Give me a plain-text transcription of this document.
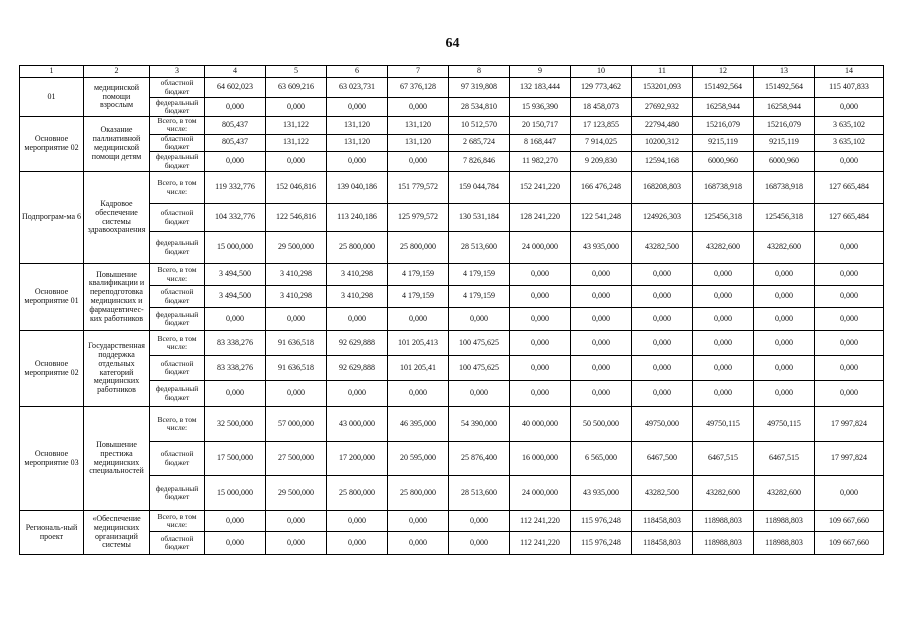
64
1	2	3	4	5	6	7	8	9	10	11	12	13	14

01	медицинской помощи взрослым	областной бюджет	64 602,023	63 609,216	63 023,731	67 376,128	97 319,808	132 183,444	129 773,462	153201,093	151492,564	151492,564	115 407,833
		федеральный бюджет	0,000	0,000	0,000	0,000	28 534,810	15 936,390	18 458,073	27692,932	16258,944	16258,944	0,000

Основное мероприятие 02	Оказание паллиативной медицинской помощи детям	Всего, в том числе:	805,437	131,122	131,120	131,120	10 512,570	20 150,717	17 123,855	22794,480	15216,079	15216,079	3 635,102
		областной бюджет	805,437	131,122	131,120	131,120	2 685,724	8 168,447	7 914,025	10200,312	9215,119	9215,119	3 635,102
		федеральный бюджет	0,000	0,000	0,000	0,000	7 826,846	11 982,270	9 209,830	12594,168	6000,960	6000,960	0,000

Подпрограм-ма 6	Кадровое обеспечение системы здравоохранения	Всего, в том числе:	119 332,776	152 046,816	139 040,186	151 779,572	159 044,784	152 241,220	166 476,248	168208,803	168738,918	168738,918	127 665,484
		областной бюджет	104 332,776	122 546,816	113 240,186	125 979,572	130 531,184	128 241,220	122 541,248	124926,303	125456,318	125456,318	127 665,484
		федеральный бюджет	15 000,000	29 500,000	25 800,000	25 800,000	28 513,600	24 000,000	43 935,000	43282,500	43282,600	43282,600	0,000

Основное мероприятие 01	Повышение квалификации и переподготовка медицинских и фармацевтичес-ких работников	Всего, в том числе:	3 494,500	3 410,298	3 410,298	4 179,159	4 179,159	0,000	0,000	0,000	0,000	0,000	0,000
		областной бюджет	3 494,500	3 410,298	3 410,298	4 179,159	4 179,159	0,000	0,000	0,000	0,000	0,000	0,000
		федеральный бюджет	0,000	0,000	0,000	0,000	0,000	0,000	0,000	0,000	0,000	0,000	0,000

Основное мероприятие 02	Государственная поддержка отдельных категорий медицинских работников	Всего, в том числе:	83 338,276	91 636,518	92 629,888	101 205,413	100 475,625	0,000	0,000	0,000	0,000	0,000	0,000
		областной бюджет	83 338,276	91 636,518	92 629,888	101 205,41	100 475,625	0,000	0,000	0,000	0,000	0,000	0,000
		федеральный бюджет	0,000	0,000	0,000	0,000	0,000	0,000	0,000	0,000	0,000	0,000	0,000

Основное мероприятие 03	Повышение престижа медицинских специальностей	Всего, в том числе:	32 500,000	57 000,000	43 000,000	46 395,000	54 390,000	40 000,000	50 500,000	49750,000	49750,115	49750,115	17 997,824
		областной бюджет	17 500,000	27 500,000	17 200,000	20 595,000	25 876,400	16 000,000	6 565,000	6467,500	6467,515	6467,515	17 997,824
		федеральный бюджет	15 000,000	29 500,000	25 800,000	25 800,000	28 513,600	24 000,000	43 935,000	43282,500	43282,600	43282,600	0,000

Региональ-ный проект	«Обеспечение медицинских организаций системы	Всего, в том числе:	0,000	0,000	0,000	0,000	0,000	112 241,220	115 976,248	118458,803	118988,803	118988,803	109 667,660
		областной бюджет	0,000	0,000	0,000	0,000	0,000	112 241,220	115 976,248	118458,803	118988,803	118988,803	109 667,660
